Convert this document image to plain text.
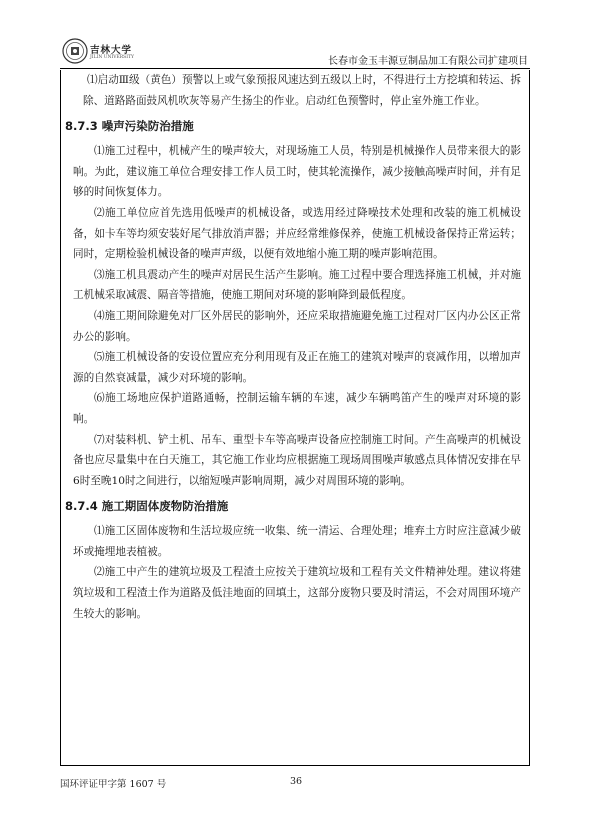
吉林大学
JILIN UNIVERSITY	长春市金玉丰源豆制品加工有限公司扩建项目

⑴启动Ⅲ级（黄色）预警以上或气象预报风速达到五级以上时，不得进行土方挖填和转运、拆除、道路路面鼓风机吹灰等易产生扬尘的作业。启动红色预警时，停止室外施工作业。

8.7.3 噪声污染防治措施

⑴施工过程中，机械产生的噪声较大，对现场施工人员，特别是机械操作人员带来很大的影响。为此，建议施工单位合理安排工作人员工时，使其轮流操作，减少接触高噪声时间，并有足够的时间恢复体力。

⑵施工单位应首先选用低噪声的机械设备，或选用经过降噪技术处理和改装的施工机械设备，如卡车等均须安装好尾气排放消声器；并应经常维修保养，使施工机械设备保持正常运转；同时，定期检验机械设备的噪声声级，以便有效地缩小施工期的噪声影响范围。

⑶施工机具震动产生的噪声对居民生活产生影响。施工过程中要合理选择施工机械，并对施工机械采取减震、隔音等措施，使施工期间对环境的影响降到最低程度。

⑷施工期间除避免对厂区外居民的影响外，还应采取措施避免施工过程对厂区内办公区正常办公的影响。

⑸施工机械设备的安设位置应充分利用现有及正在施工的建筑对噪声的衰减作用，以增加声源的自然衰减量，减少对环境的影响。

⑹施工场地应保护道路通畅，控制运输车辆的车速，减少车辆鸣笛产生的噪声对环境的影响。

⑺对装料机、铲土机、吊车、重型卡车等高噪声设备应控制施工时间。产生高噪声的机械设备也应尽量集中在白天施工，其它施工作业均应根据施工现场周围噪声敏感点具体情况安排在早6时至晚10时之间进行，以缩短噪声影响周期，减少对周围环境的影响。

8.7.4 施工期固体废物防治措施

⑴施工区固体废物和生活垃圾应统一收集、统一清运、合理处理；堆弃土方时应注意减少破坏或掩埋地表植被。

⑵施工中产生的建筑垃圾及工程渣土应按关于建筑垃圾和工程有关文件精神处理。建议将建筑垃圾和工程渣土作为道路及低洼地面的回填土，这部分废物只要及时清运，不会对周围环境产生较大的影响。

国环评证甲字第 1607 号	36
